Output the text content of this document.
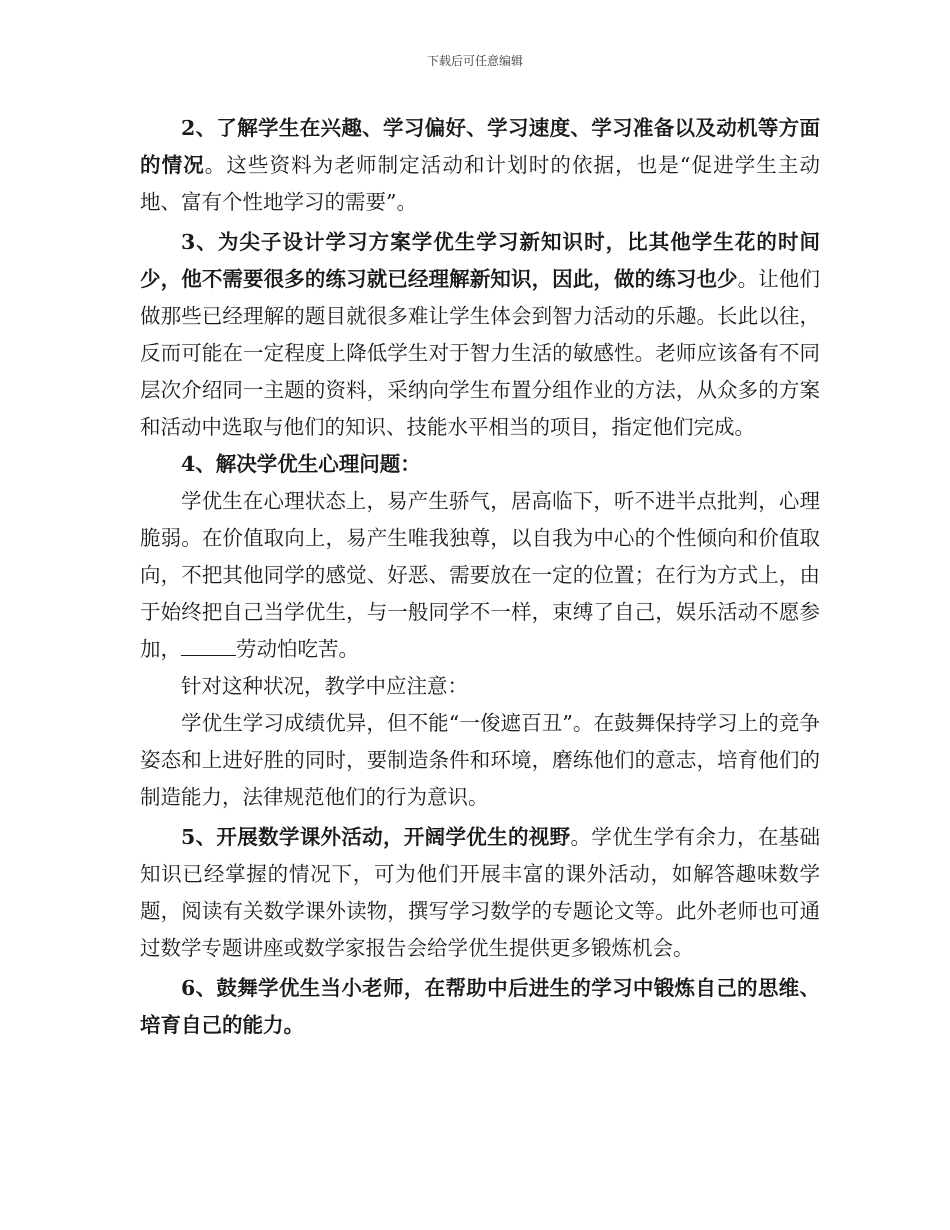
下载后可任意编辑

2、了解学生在兴趣、学习偏好、学习速度、学习准备以及动机等方面的情况。这些资料为老师制定活动和计划时的依据，也是“促进学生主动地、富有个性地学习的需要”。

3、为尖子设计学习方案学优生学习新知识时，比其他学生花的时间少，他不需要很多的练习就已经理解新知识，因此，做的练习也少。让他们做那些已经理解的题目就很多难让学生体会到智力活动的乐趣。长此以往，反而可能在一定程度上降低学生对于智力生活的敏感性。老师应该备有不同层次介绍同一主题的资料，采纳向学生布置分组作业的方法，从众多的方案和活动中选取与他们的知识、技能水平相当的项目，指定他们完成。

4、解决学优生心理问题：

学优生在心理状态上，易产生骄气，居高临下，听不进半点批判，心理脆弱。在价值取向上，易产生唯我独尊，以自我为中心的个性倾向和价值取向，不把其他同学的感觉、好恶、需要放在一定的位置；在行为方式上，由于始终把自己当学优生，与一般同学不一样，束缚了自己，娱乐活动不愿参加，	劳动怕吃苦。

针对这种状况，教学中应注意：

学优生学习成绩优异，但不能“一俊遮百丑”。在鼓舞保持学习上的竞争姿态和上进好胜的同时，要制造条件和环境，磨练他们的意志，培育他们的制造能力，法律规范他们的行为意识。

5、开展数学课外活动，开阔学优生的视野。学优生学有余力，在基础知识已经掌握的情况下，可为他们开展丰富的课外活动，如解答趣味数学题，阅读有关数学课外读物，撰写学习数学的专题论文等。此外老师也可通过数学专题讲座或数学家报告会给学优生提供更多锻炼机会。

6、鼓舞学优生当小老师，在帮助中后进生的学习中锻炼自己的思维、培育自己的能力。
